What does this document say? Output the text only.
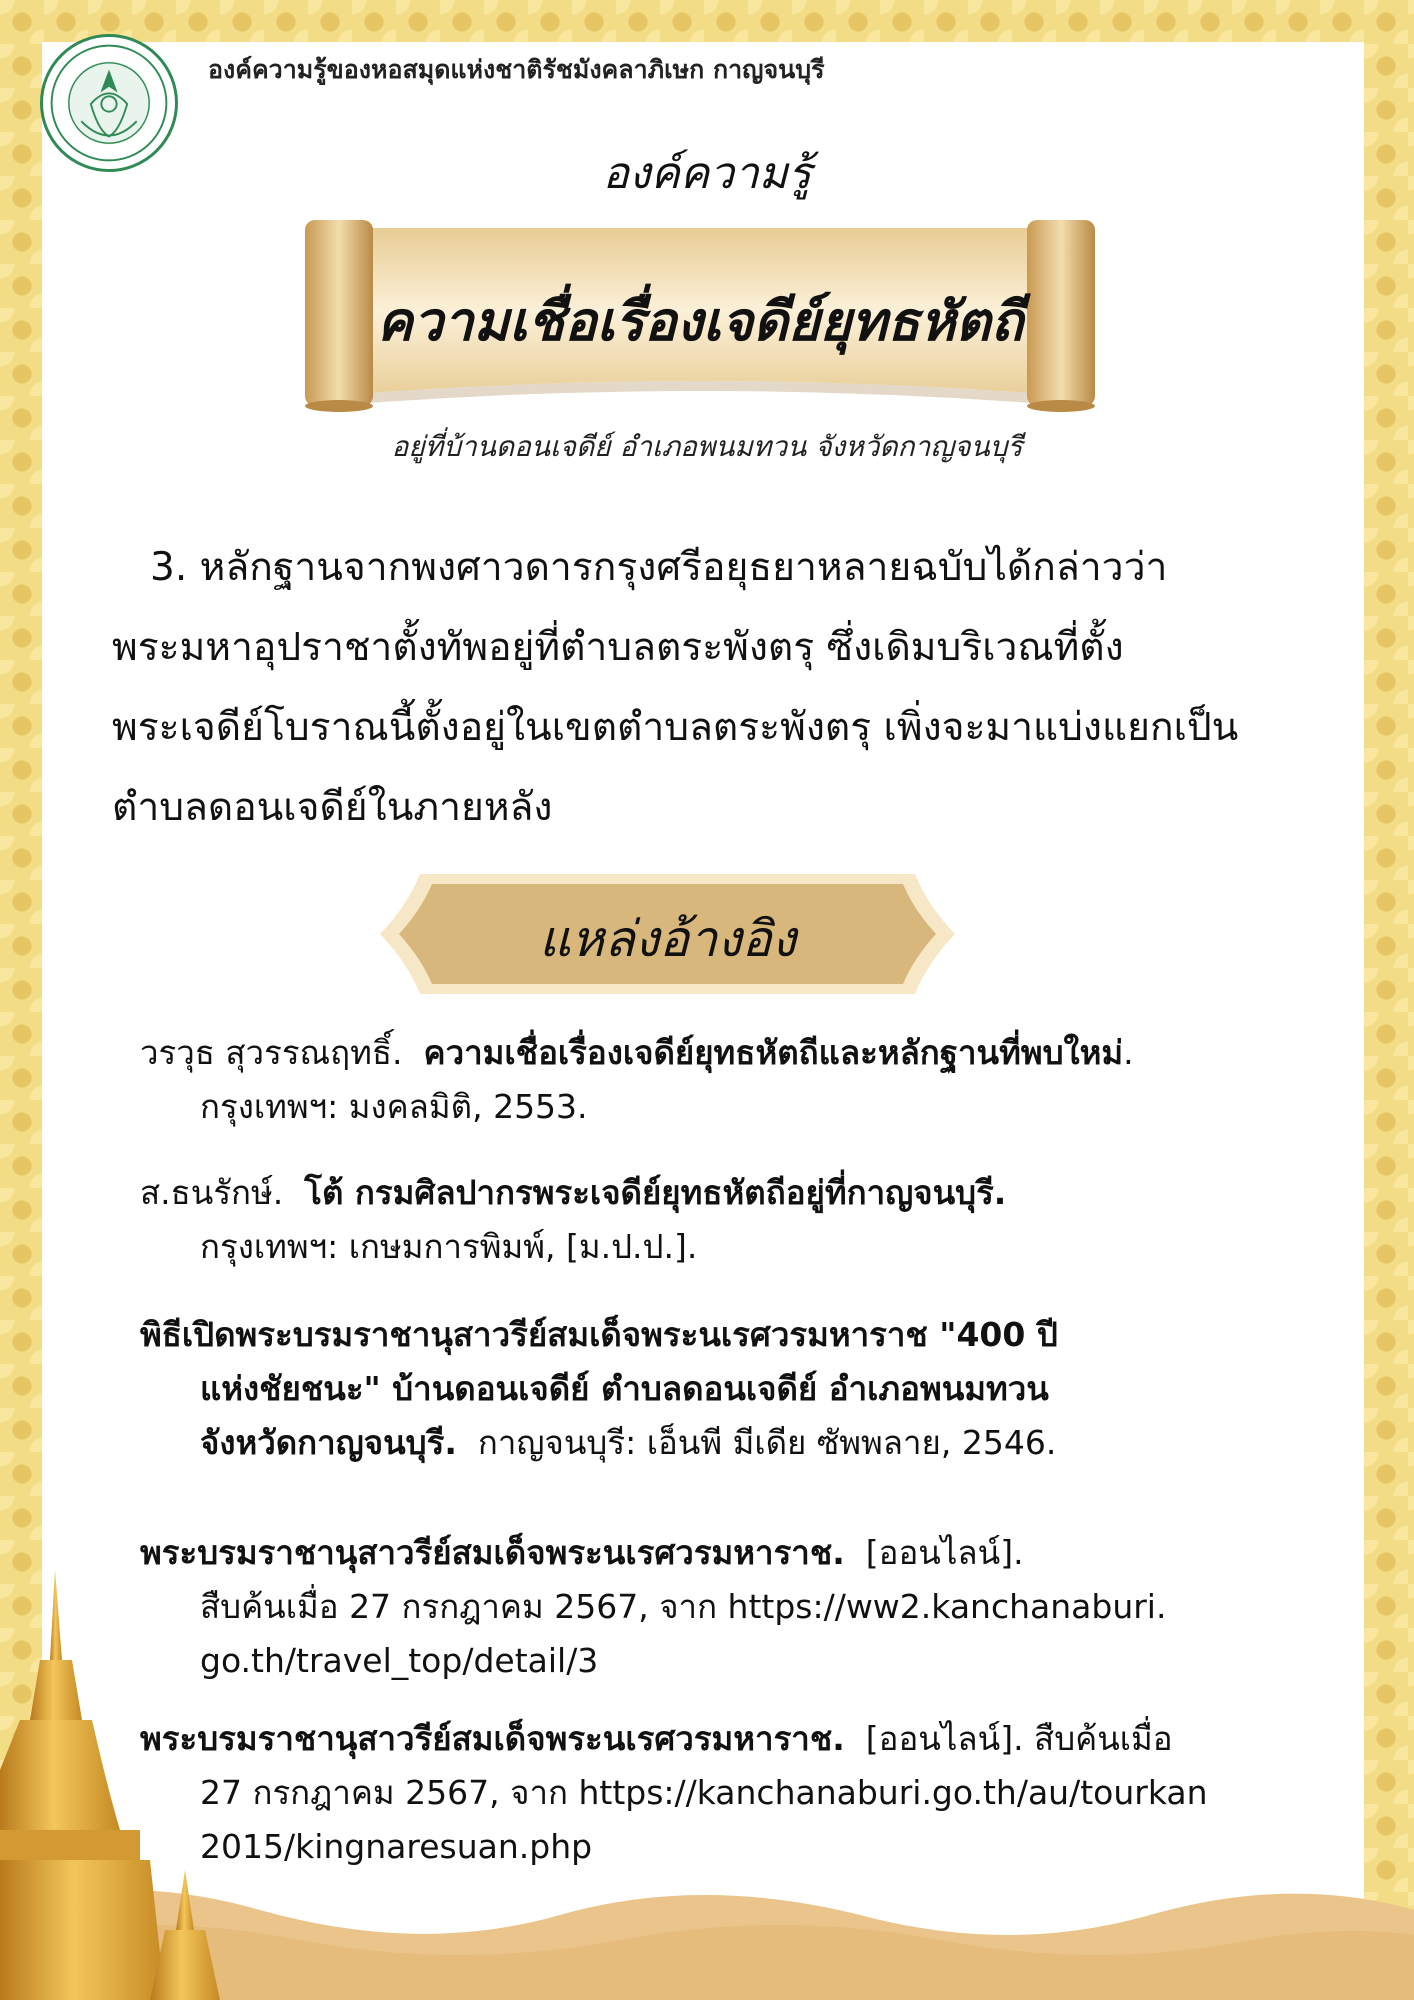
องค์ความรู้ของหอสมุดแห่งชาติรัชมังคลาภิเษก กาญจนบุรี
องค์ความรู้
ความเชื่อเรื่องเจดีย์ยุทธหัตถี
อยู่ที่บ้านดอนเจดีย์ อำเภอพนมทวน จังหวัดกาญจนบุรี

3. หลักฐานจากพงศาวดารกรุงศรีอยุธยาหลายฉบับได้กล่าวว่า

พระมหาอุปราชาตั้งทัพอยู่ที่ตำบลตระพังตรุ ซึ่งเดิมบริเวณที่ตั้ง

พระเจดีย์โบราณนี้ตั้งอยู่ในเขตตำบลตระพังตรุ เพิ่งจะมาแบ่งแยกเป็น

ตำบลดอนเจดีย์ในภายหลัง

แหล่งอ้างอิง
วรวุธ สุวรรณฤทธิ์. ความเชื่อเรื่องเจดีย์ยุทธหัตถีและหลักฐานที่พบใหม่.
กรุงเทพฯ: มงคลมิติ, 2553.
ส.ธนรักษ์. โต้ กรมศิลปากรพระเจดีย์ยุทธหัตถีอยู่ที่กาญจนบุรี.
กรุงเทพฯ: เกษมการพิมพ์, [ม.ป.ป.].
พิธีเปิดพระบรมราชานุสาวรีย์สมเด็จพระนเรศวรมหาราช "400 ปี
แห่งชัยชนะ" บ้านดอนเจดีย์ ตำบลดอนเจดีย์ อำเภอพนมทวน
จังหวัดกาญจนบุรี. กาญจนบุรี: เอ็นพี มีเดีย ซัพพลาย, 2546.
พระบรมราชานุสาวรีย์สมเด็จพระนเรศวรมหาราช. [ออนไลน์].
สืบค้นเมื่อ 27 กรกฎาคม 2567, จาก https://ww2.kanchanaburi.
go.th/travel_top/detail/3
พระบรมราชานุสาวรีย์สมเด็จพระนเรศวรมหาราช. [ออนไลน์]. สืบค้นเมื่อ
27 กรกฎาคม 2567, จาก https://kanchanaburi.go.th/au/tourkan
2015/kingnaresuan.php
